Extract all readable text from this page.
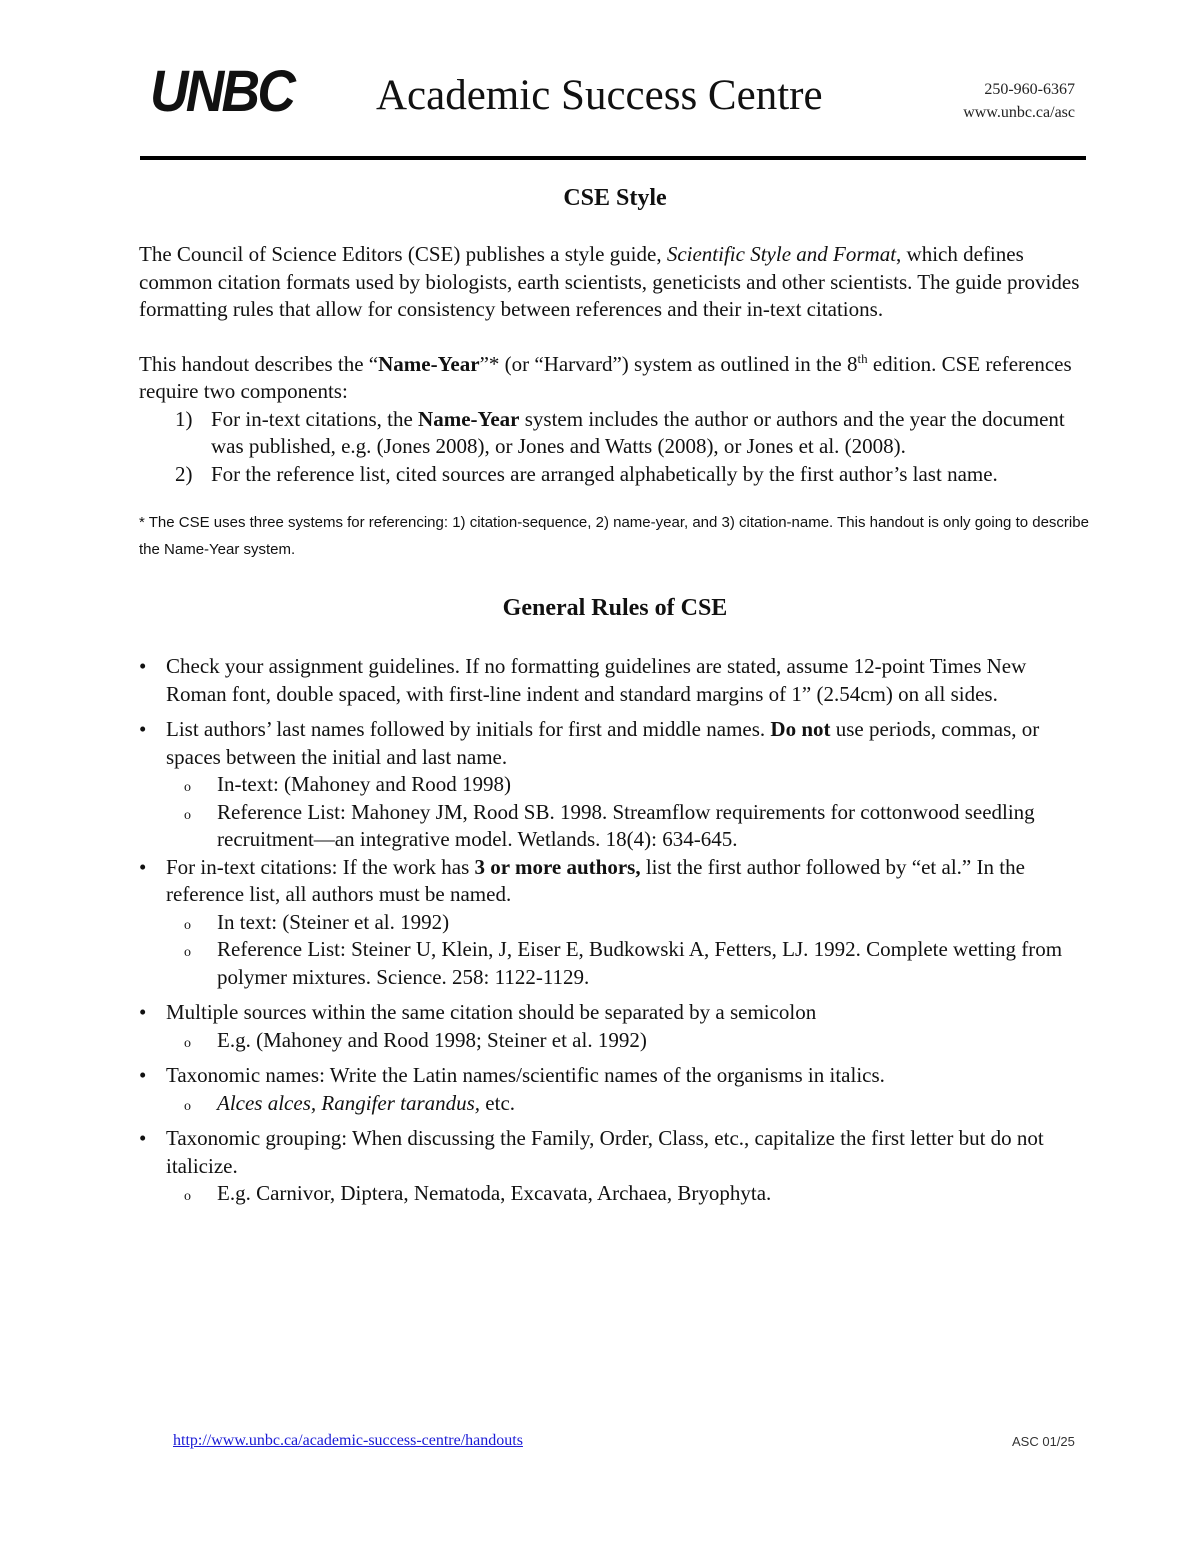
UNBC Academic Success Centre	250-960-6367
www.unbc.ca/asc
CSE Style

The Council of Science Editors (CSE) publishes a style guide, Scientific Style and Format, which defines common citation formats used by biologists, earth scientists, geneticists and other scientists. The guide provides formatting rules that allow for consistency between references and their in-text citations.

This handout describes the “Name-Year”* (or “Harvard”) system as outlined in the 8th edition. CSE references require two components:

1) For in-text citations, the Name-Year system includes the author or authors and the year the document was published, e.g. (Jones 2008), or Jones and Watts (2008), or Jones et al. (2008).
2) For the reference list, cited sources are arranged alphabetically by the first author’s last name.

* The CSE uses three systems for referencing: 1) citation-sequence, 2) name-year, and 3) citation-name. This handout is only going to describe the Name-Year system.

General Rules of CSE
• Check your assignment guidelines. If no formatting guidelines are stated, assume 12-point Times New Roman font, double spaced, with first-line indent and standard margins of 1” (2.54cm) on all sides.
• List authors’ last names followed by initials for first and middle names. Do not use periods, commas, or spaces between the initial and last name.
o In-text: (Mahoney and Rood 1998)
o Reference List: Mahoney JM, Rood SB. 1998. Streamflow requirements for cottonwood seedling recruitment—an integrative model. Wetlands. 18(4): 634-645.
• For in-text citations: If the work has 3 or more authors, list the first author followed by “et al.” In the reference list, all authors must be named.
o In text: (Steiner et al. 1992)
o Reference List: Steiner U, Klein, J, Eiser E, Budkowski A, Fetters, LJ. 1992. Complete wetting from polymer mixtures. Science. 258: 1122-1129.
• Multiple sources within the same citation should be separated by a semicolon
o E.g. (Mahoney and Rood 1998; Steiner et al. 1992)
• Taxonomic names: Write the Latin names/scientific names of the organisms in italics.
o Alces alces, Rangifer tarandus, etc.
• Taxonomic grouping: When discussing the Family, Order, Class, etc., capitalize the first letter but do not italicize.
o E.g. Carnivor, Diptera, Nematoda, Excavata, Archaea, Bryophyta.
http://www.unbc.ca/academic-success-centre/handouts	ASC 01/25
